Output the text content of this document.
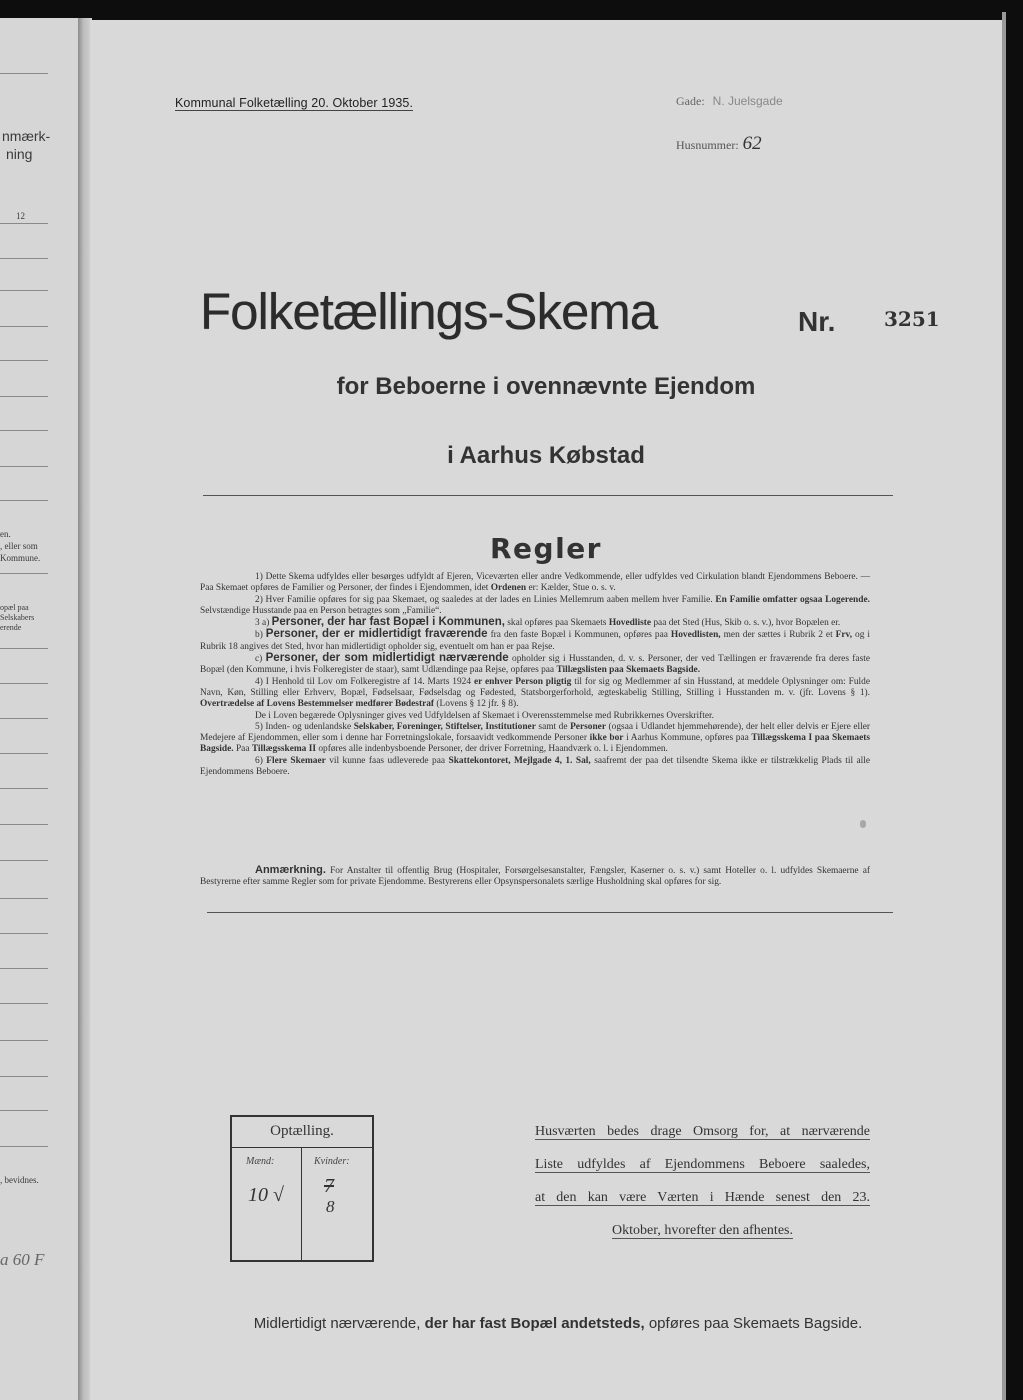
nmærk-
ning
12
en.
, eller som
Kommune.
opæl paa
Selskabers
erende
, bevidnes.
a 60 F
Kommunal Folketælling 20. Oktober 1935.	Gade: N. Juelsgade
Husnummer: 62
Folketællings-Skema	Nr. 3251
for Beboerne i ovennævnte Ejendom
i Aarhus Købstad
Regler

1) Dette Skema udfyldes eller besørges udfyldt af Ejeren, Viceværten eller andre Vedkommende, eller udfyldes ved Cirkulation blandt Ejendommens Beboere. — Paa Skemaet opføres de Familier og Personer, der findes i Ejendommen, idet Ordenen er: Kælder, Stue o. s. v.

2) Hver Familie opføres for sig paa Skemaet, og saaledes at der lades en Linies Mellemrum aaben mellem hver Familie. En Familie omfatter ogsaa Logerende. Selvstændige Husstande paa en Person betragtes som „Familie“.

3 a) Personer, der har fast Bopæl i Kommunen, skal opføres paa Skemaets Hovedliste paa det Sted (Hus, Skib o. s. v.), hvor Bopælen er.

b) Personer, der er midlertidigt fraværende fra den faste Bopæl i Kommunen, opføres paa Hovedlisten, men der sættes i Rubrik 2 et Frv, og i Rubrik 18 angives det Sted, hvor han midlertidigt opholder sig, eventuelt om han er paa Rejse.

c) Personer, der som midlertidigt nærværende opholder sig i Husstanden, d. v. s. Personer, der ved Tællingen er fraværende fra deres faste Bopæl (den Kommune, i hvis Folkeregister de staar), samt Udlændinge paa Rejse, opføres paa Tillægslisten paa Skemaets Bagside.

4) I Henhold til Lov om Folkeregistre af 14. Marts 1924 er enhver Person pligtig til for sig og Medlemmer af sin Husstand, at meddele Oplysninger om: Fulde Navn, Køn, Stilling eller Erhverv, Bopæl, Fødselsaar, Fødselsdag og Fødested, Statsborgerforhold, ægteskabelig Stilling, Stilling i Husstanden m. v. (jfr. Lovens § 1). Overtrædelse af Lovens Bestemmelser medfører Bødestraf (Lovens § 12 jfr. § 8).

De i Loven begærede Oplysninger gives ved Udfyldelsen af Skemaet i Overensstemmelse med Rubrikkernes Overskrifter.

5) Inden- og udenlandske Selskaber, Foreninger, Stiftelser, Institutioner samt de Personer (ogsaa i Udlandet hjemmehørende), der helt eller delvis er Ejere eller Medejere af Ejendommen, eller som i denne har Forretningslokale, forsaavidt vedkommende Personer ikke bor i Aarhus Kommune, opføres paa Tillægsskema I paa Skemaets Bagside. Paa Tillægsskema II opføres alle indenbysboende Personer, der driver Forretning, Haandværk o. l. i Ejendommen.

6) Flere Skemaer vil kunne faas udleverede paa Skattekontoret, Mejlgade 4, 1. Sal, saafremt der paa det tilsendte Skema ikke er tilstrækkelig Plads til alle Ejendommens Beboere.

Anmærkning. For Anstalter til offentlig Brug (Hospitaler, Forsørgelsesanstalter, Fængsler, Kaserner o. s. v.) samt Hoteller o. l. udfyldes Skemaerne af Bestyrerne efter samme Regler som for private Ejendomme. Bestyrerens eller Opsynspersonalets særlige Husholdning skal opføres for sig.
Optælling.
Mænd:	Kvinder:
10 √ 7
8
Husværten bedes drage Omsorg for, at nærværende
Liste udfyldes af Ejendommens Beboere saaledes,
at den kan være Værten i Hænde senest den 23.
Oktober, hvorefter den afhentes.
Midlertidigt nærværende, der har fast Bopæl andetsteds, opføres paa Skemaets Bagside.
